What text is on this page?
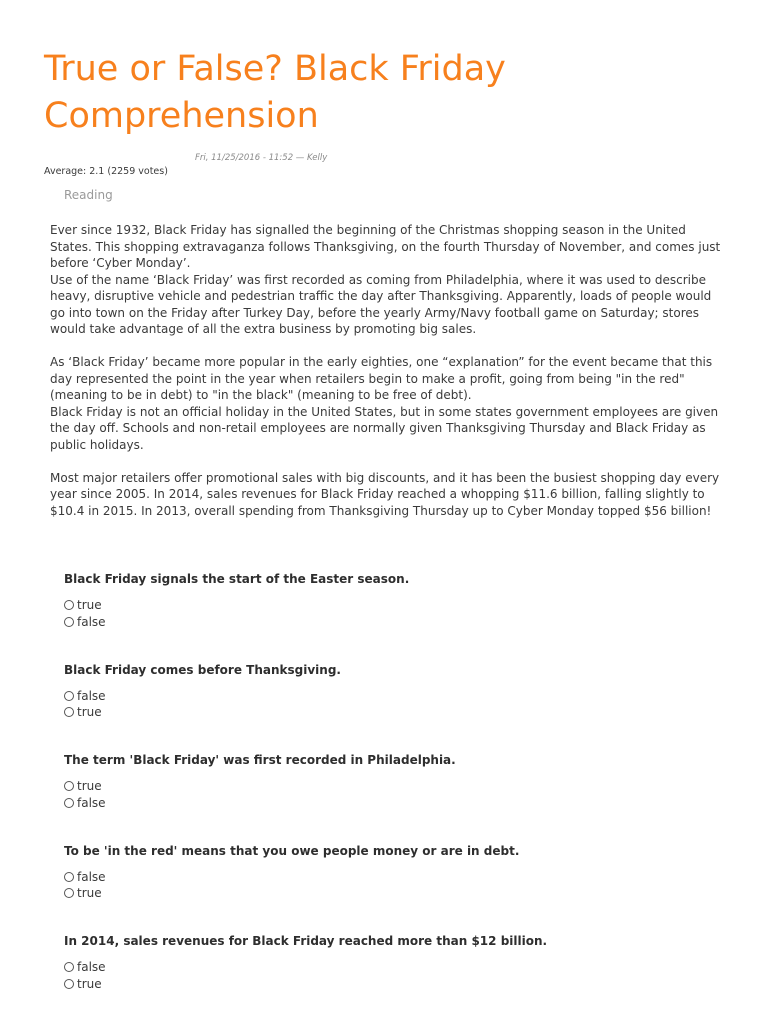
True or False? Black Friday Comprehension
Fri, 11/25/2016 - 11:52 — Kelly
Average: 2.1 (2259 votes)
Reading

Ever since 1932, Black Friday has signalled the beginning of the Christmas shopping season in the United States. This shopping extravaganza follows Thanksgiving, on the fourth Thursday of November, and comes just before ‘Cyber Monday’.

Use of the name ‘Black Friday’ was first recorded as coming from Philadelphia, where it was used to describe heavy, disruptive vehicle and pedestrian traffic the day after Thanksgiving. Apparently, loads of people would go into town on the Friday after Turkey Day, before the yearly Army/Navy football game on Saturday; stores would take advantage of all the extra business by promoting big sales.

As ‘Black Friday’ became more popular in the early eighties, one “explanation” for the event became that this day represented the point in the year when retailers begin to make a profit, going from being "in the red" (meaning to be in debt) to "in the black" (meaning to be free of debt).

Black Friday is not an official holiday in the United States, but in some states government employees are given the day off. Schools and non-retail employees are normally given Thanksgiving Thursday and Black Friday as public holidays.

Most major retailers offer promotional sales with big discounts, and it has been the busiest shopping day every year since 2005. In 2014, sales revenues for Black Friday reached a whopping $11.6 billion, falling slightly to $10.4 in 2015. In 2013, overall spending from Thanksgiving Thursday up to Cyber Monday topped $56 billion!

Black Friday signals the start of the Easter season.
true
false
Black Friday comes before Thanksgiving.
false
true
The term 'Black Friday' was first recorded in Philadelphia.
true
false
To be 'in the red' means that you owe people money or are in debt.
false
true
In 2014, sales revenues for Black Friday reached more than $12 billion.
false
true
